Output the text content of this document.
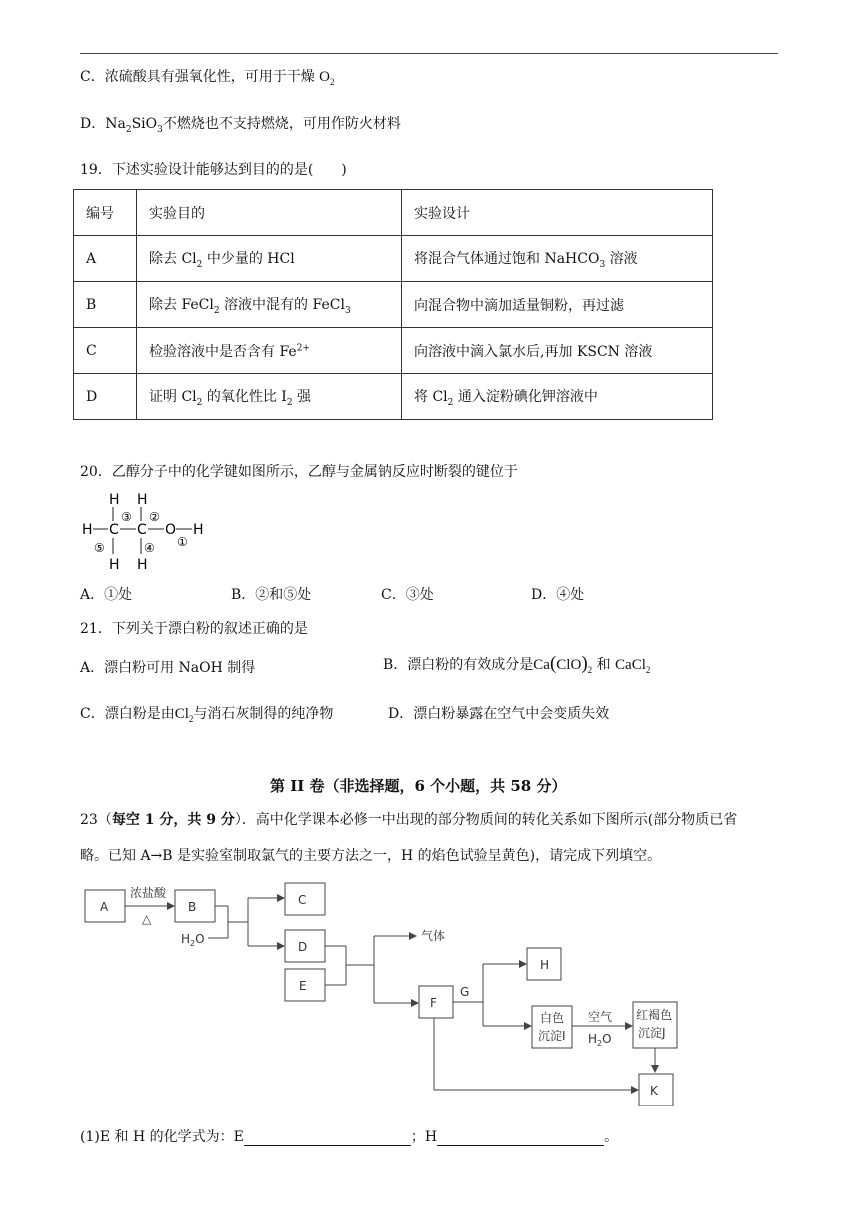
C．浓硫酸具有强氧化性，可用于干燥 $O_2$
D．$Na_2SiO_3$不燃烧也不支持燃烧，可用作防火材料
19．下述实验设计能够达到目的的是(　　)
编号	实验目的	实验设计
A	除去 $Cl_2$ 中少量的 HCl	将混合气体通过饱和 NaHCO$_3$ 溶液
B	除去 FeCl$_2$ 溶液中混有的 FeCl$_3$	向混合物中滴加适量铜粉，再过滤
C	检验溶液中是否含有 $Fe^{2+}$	向溶液中滴入氯水后,再加 KSCN 溶液
D	证明 $Cl_2$ 的氧化性比 $I_2$ 强	将 $Cl_2$ 通入淀粉碘化钾溶液中
20．乙醇分子中的化学键如图所示，乙醇与金属钠反应时断裂的键位于
H H
③ ②
H C C O
①
H
⑤	④
H H
A．①处	B．②和⑤处	C．③处	D．④处
21．下列关于漂白粉的叙述正确的是
A．漂白粉可用 NaOH 制得	B．漂白粉的有效成分是$Ca(ClO)_2$ 和 CaCl$_2$
C．漂白粉是由$Cl_2$与消石灰制得的纯净物	D．漂白粉暴露在空气中会变质失效
第 II 卷（非选择题，6 个小题，共 58 分）
23（每空 1 分，共 9 分）．高中化学课本必修一中出现的部分物质间的转化关系如下图所示(部分物质已省
略。已知 A→B 是实验室制取氯气的主要方法之一，H 的焰色试验呈黄色)，请完成下列填空。
A	B	C
D
E
F
G
H
K
浓盐酸
△
$H_2O$	气体
白色
沉淀I
空气
$H_2O$
红褐色
沉淀J
(1)E 和 H 的化学式为：E	；H	。
